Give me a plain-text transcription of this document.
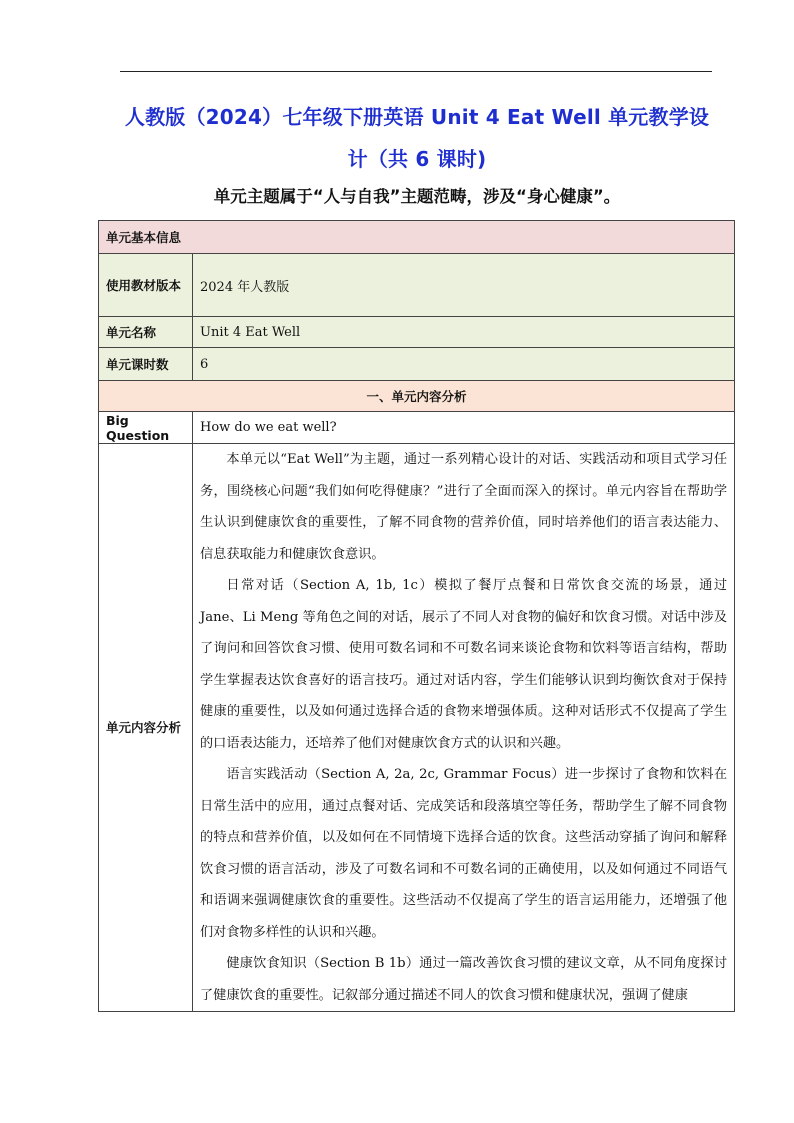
人教版（2024）七年级下册英语 Unit 4 Eat Well 单元教学设
计（共 6 课时)
单元主题属于“人与自我”主题范畴，涉及“身心健康”。
单元基本信息	
使用教材版本	2024 年人教版
单元名称	Unit 4 Eat Well
单元课时数	6
一、单元内容分析	
Big Question	How do we eat well?
单元内容分析	本单元以“Eat Well”为主题，通过一系列精心设计的对话、实践活动和项目式学习任务，围绕核心问题“我们如何吃得健康？”进行了全面而深入的探讨。单元内容旨在帮助学生认识到健康饮食的重要性，了解不同食物的营养价值，同时培养他们的语言表达能力、信息获取能力和健康饮食意识。

日常对话（Section A, 1b, 1c）模拟了餐厅点餐和日常饮食交流的场景，通过 Jane、Li Meng 等角色之间的对话，展示了不同人对食物的偏好和饮食习惯。对话中涉及了询问和回答饮食习惯、使用可数名词和不可数名词来谈论食物和饮料等语言结构，帮助学生掌握表达饮食喜好的语言技巧。通过对话内容，学生们能够认识到均衡饮食对于保持健康的重要性，以及如何通过选择合适的食物来增强体质。这种对话形式不仅提高了学生的口语表达能力，还培养了他们对健康饮食方式的认识和兴趣。

语言实践活动（Section A, 2a, 2c, Grammar Focus）进一步探讨了食物和饮料在日常生活中的应用，通过点餐对话、完成笑话和段落填空等任务，帮助学生了解不同食物的特点和营养价值，以及如何在不同情境下选择合适的饮食。这些活动穿插了询问和解释饮食习惯的语言活动，涉及了可数名词和不可数名词的正确使用，以及如何通过不同语气和语调来强调健康饮食的重要性。这些活动不仅提高了学生的语言运用能力，还增强了他们对食物多样性的认识和兴趣。

健康饮食知识（Section B 1b）通过一篇改善饮食习惯的建议文章，从不同角度探讨了健康饮食的重要性。记叙部分通过描述不同人的饮食习惯和健康状况，强调了健康
